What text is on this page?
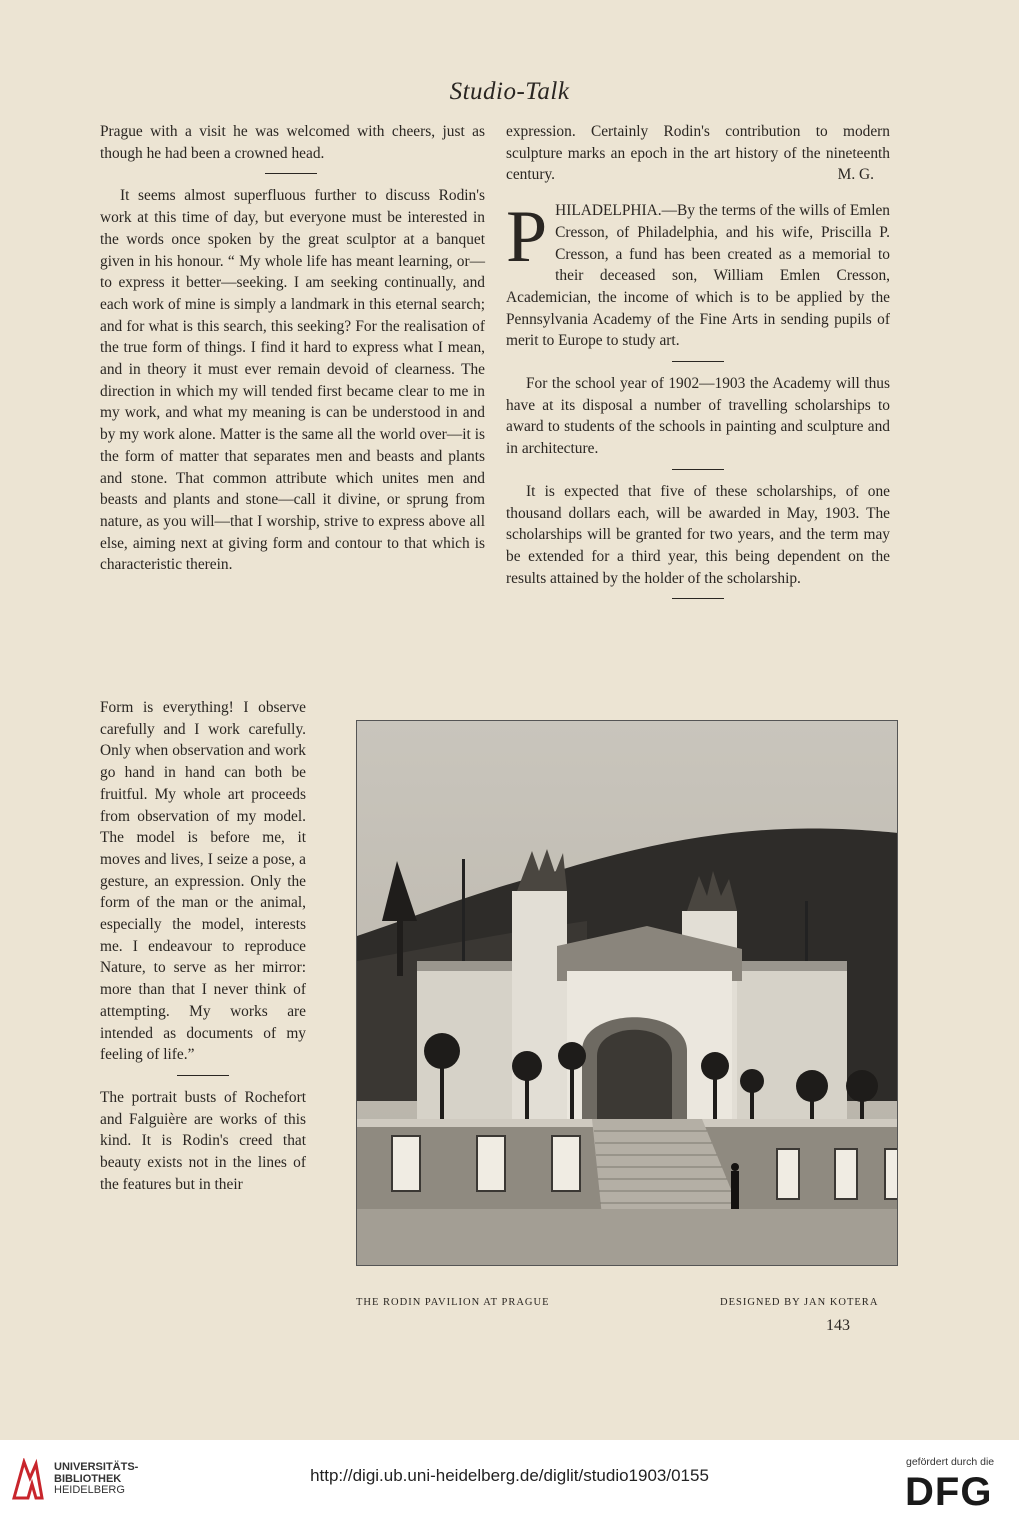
Studio-Talk

Prague with a visit he was welcomed with cheers, just as though he had been a crowned head.

It seems almost superfluous further to discuss Rodin's work at this time of day, but everyone must be interested in the words once spoken by the great sculptor at a banquet given in his honour. “ My whole life has meant learning, or—to express it better—seeking. I am seeking continually, and each work of mine is simply a landmark in this eternal search; and for what is this search, this seeking? For the realisation of the true form of things. I find it hard to express what I mean, and in theory it must ever remain devoid of clearness. The direction in which my will tended first became clear to me in my work, and what my meaning is can be understood in and by my work alone. Matter is the same all the world over—it is the form of matter that separates men and beasts and plants and stone. That common attribute which unites men and beasts and plants and stone—call it divine, or sprung from nature, as you will—that I worship, strive to express above all else, aiming next at giving form and contour to that which is characteristic therein.

Form is everything! I observe carefully and I work carefully. Only when observation and work go hand in hand can both be fruitful. My whole art proceeds from observation of my model. The model is before me, it moves and lives, I seize a pose, a gesture, an expression. Only the form of the man or the animal, especially the model, interests me. I endeavour to reproduce Nature, to serve as her mirror: more than that I never think of attempting. My works are intended as documents of my feeling of life.”

The portrait busts of Rochefort and Falguière are works of this kind. It is Rodin's creed that beauty exists not in the lines of the features but in their

expression. Certainly Rodin's contribution to modern sculpture marks an epoch in the art history of the nineteenth century.	M. G.

PHILADELPHIA.—By the terms of the wills of Emlen Cresson, of Philadelphia, and his wife, Priscilla P. Cresson, a fund has been created as a memorial to their deceased son, William Emlen Cresson, Academician, the income of which is to be applied by the Pennsylvania Academy of the Fine Arts in sending pupils of merit to Europe to study art.

For the school year of 1902—1903 the Academy will thus have at its disposal a number of travelling scholarships to award to students of the schools in painting and sculpture and in architecture.

It is expected that five of these scholarships, of one thousand dollars each, will be awarded in May, 1903. The scholarships will be granted for two years, and the term may be extended for a third year, this being dependent on the results attained by the holder of the scholarship.

THE RODIN PAVILION AT PRAGUE	DESIGNED BY JAN KOTERA
143
UNIVERSITÄTS-
BIBLIOTHEK
HEIDELBERG
http://digi.ub.uni-heidelberg.de/diglit/studio1903/0155
gefördert durch die
DFG
